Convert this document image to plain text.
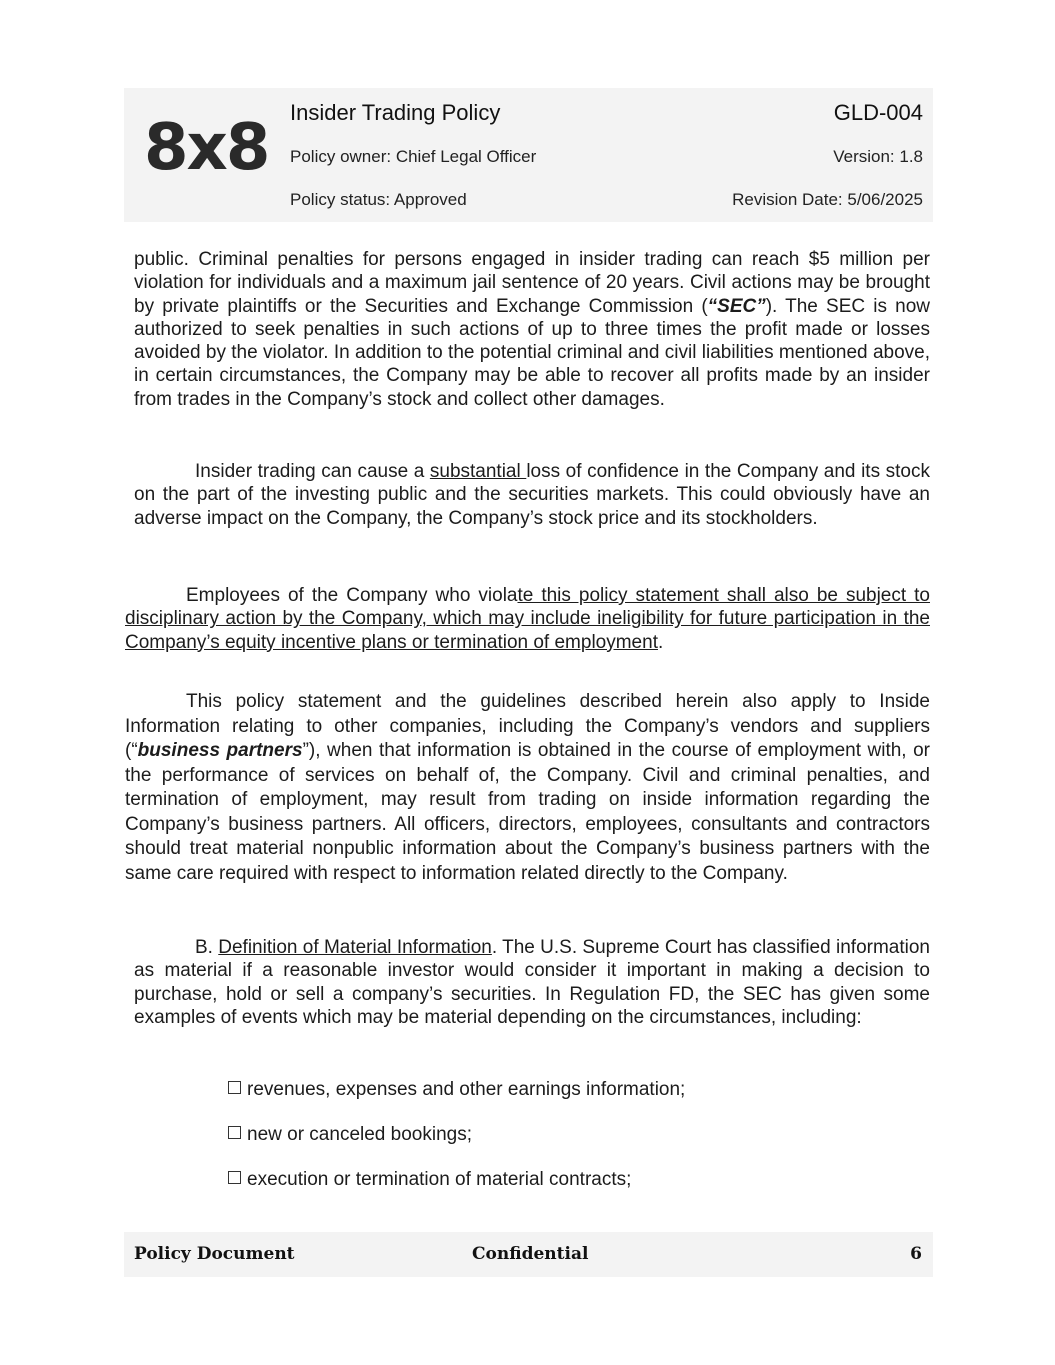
8x8 Insider Trading Policy	GLD-004
Policy owner: Chief Legal Officer	Version: 1.8
Policy status: Approved	Revision Date: 5/06/2025

public. Criminal penalties for persons engaged in insider trading can reach $5 million per violation for individuals and a maximum jail sentence of 20 years. Civil actions may be brought by private plaintiffs or the Securities and Exchange Commission (“SEC”). The SEC is now authorized to seek penalties in such actions of up to three times the profit made or losses avoided by the violator. In addition to the potential criminal and civil liabilities mentioned above, in certain circumstances, the Company may be able to recover all profits made by an insider from trades in the Company’s stock and collect other damages.

Insider trading can cause a substantial loss of confidence in the Company and its stock on the part of the investing public and the securities markets. This could obviously have an adverse impact on the Company, the Company’s stock price and its stockholders.

Employees of the Company who violate this policy statement shall also be subject to disciplinary action by the Company, which may include ineligibility for future participation in the Company’s equity incentive plans or termination of employment.

This policy statement and the guidelines described herein also apply to Inside Information relating to other companies, including the Company’s vendors and suppliers (“business partners”), when that information is obtained in the course of employment with, or the performance of services on behalf of, the Company. Civil and criminal penalties, and termination of employment, may result from trading on inside information regarding the Company’s business partners. All officers, directors, employees, consultants and contractors should treat material nonpublic information about the Company’s business partners with the same care required with respect to information related directly to the Company.

B. Definition of Material Information. The U.S. Supreme Court has classified information as material if a reasonable investor would consider it important in making a decision to purchase, hold or sell a company’s securities. In Regulation FD, the SEC has given some examples of events which may be material depending on the circumstances, including:

revenues, expenses and other earnings information;
new or canceled bookings;
execution or termination of material contracts;
Policy Document	Confidential	6
